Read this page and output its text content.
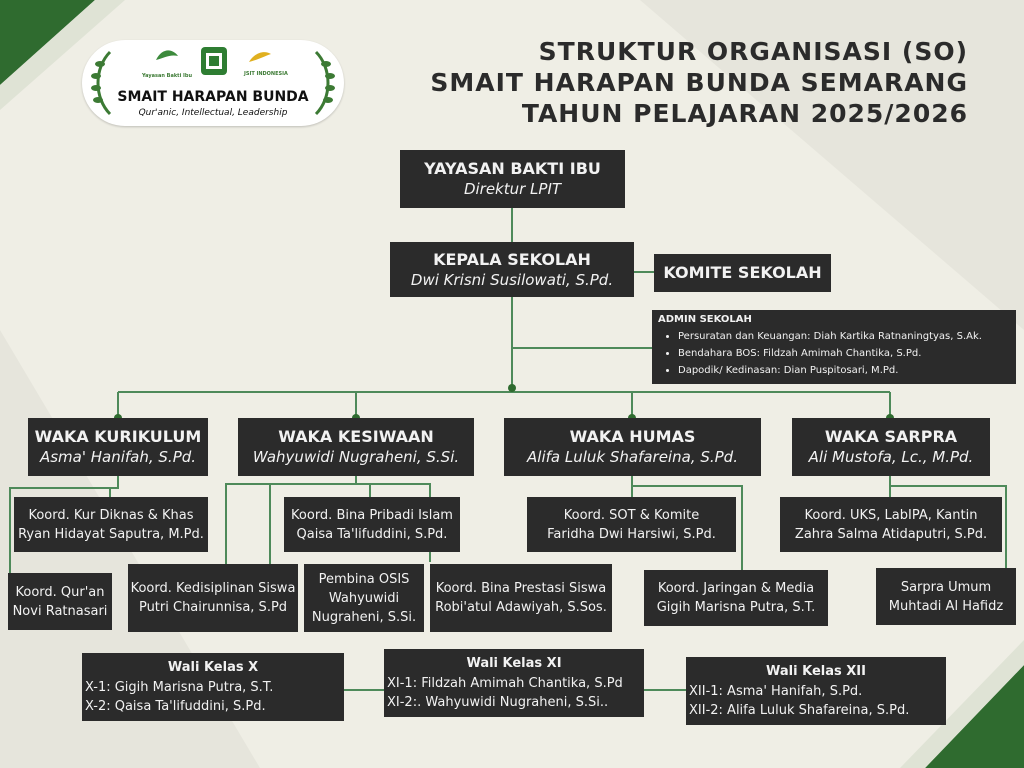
Yayasan Bakti Ibu	JSIT INDONESIA
SMAIT HARAPAN BUNDA
Qur'anic, Intellectual, Leadership
STRUKTUR ORGANISASI (SO)
SMAIT HARAPAN BUNDA SEMARANG
TAHUN PELAJARAN 2025/2026
YAYASAN BAKTI IBU
Direktur LPIT
KEPALA SEKOLAH
Dwi Krisni Susilowati, S.Pd.	KOMITE SEKOLAH
ADMIN SEKOLAH
• Persuratan dan Keuangan: Diah Kartika Ratnaningtyas, S.Ak.
• Bendahara BOS: Fildzah Amimah Chantika, S.Pd.
• Dapodik/ Kedinasan: Dian Puspitosari, M.Pd.
WAKA KURIKULUM
Asma' Hanifah, S.Pd.
WAKA KESIWAAN
Wahyuwidi Nugraheni, S.Si.
WAKA HUMAS
Alifa Luluk Shafareina, S.Pd.
WAKA SARPRA
Ali Mustofa, Lc., M.Pd.
Koord. Kur Diknas & Khas
Ryan Hidayat Saputra, M.Pd.
Koord. Qur'an
Novi Ratnasari
Koord. Bina Pribadi Islam
Qaisa Ta'lifuddini, S.Pd.
Koord. Kedisiplinan Siswa
Putri Chairunnisa, S.Pd
Pembina OSIS
Wahyuwidi
Nugraheni, S.Si.
Koord. Bina Prestasi Siswa
Robi'atul Adawiyah, S.Sos.
Koord. SOT & Komite
Faridha Dwi Harsiwi, S.Pd.
Koord. Jaringan & Media
Gigih Marisna Putra, S.T.
Koord. UKS, LabIPA, Kantin
Zahra Salma Atidaputri, S.Pd.
Sarpra Umum
Muhtadi Al Hafidz
Wali Kelas X
X-1: Gigih Marisna Putra, S.T.
X-2: Qaisa Ta'lifuddini, S.Pd.
Wali Kelas XI
XI-1: Fildzah Amimah Chantika, S.Pd
XI-2:. Wahyuwidi Nugraheni, S.Si..
Wali Kelas XII
XII-1: Asma' Hanifah, S.Pd.
XII-2: Alifa Luluk Shafareina, S.Pd.
